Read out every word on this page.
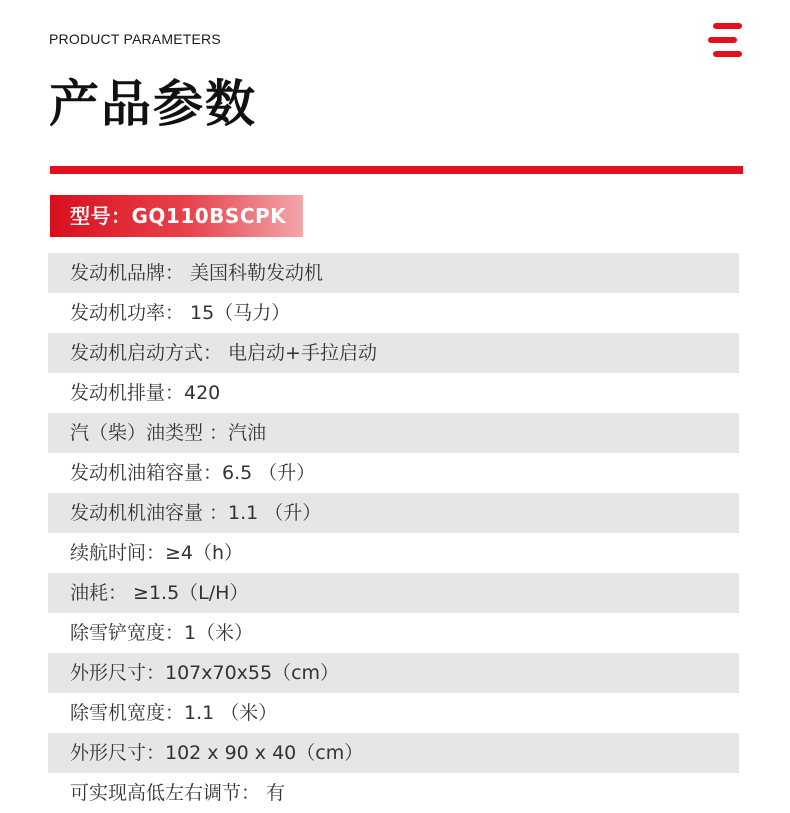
PRODUCT PARAMETERS
产品参数
型号：GQ110BSCPK
发动机品牌： 美国科勒发动机
发动机功率： 15（马力）
发动机启动方式： 电启动+手拉启动
发动机排量：420
汽（柴）油类型 ：汽油
发动机油箱容量：6.5 （升）
发动机机油容量 ：1.1 （升）
续航时间：≥4（h）
油耗： ≥1.5（L/H）
除雪铲宽度：1（米）
外形尺寸：107x70x55（cm）
除雪机宽度：1.1 （米）
外形尺寸：102 x 90 x 40（cm）
可实现高低左右调节： 有
